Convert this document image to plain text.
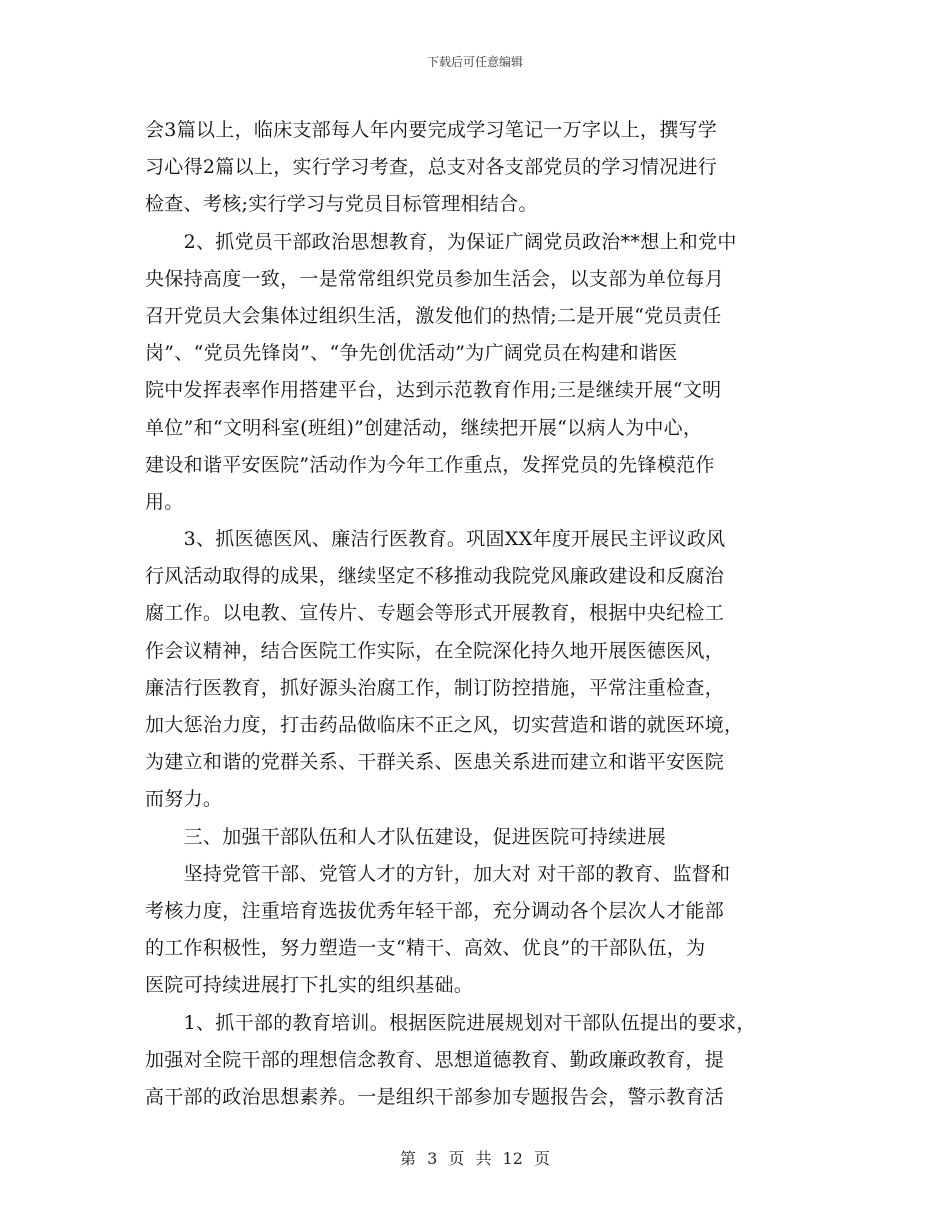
下载后可任意编辑
会3篇以上，临床支部每人年内要完成学习笔记一万字以上，撰写学
习心得2篇以上，实行学习考查，总支对各支部党员的学习情况进行
检查、考核;实行学习与党员目标管理相结合。
　　2、抓党员干部政治思想教育，为保证广阔党员政治**想上和党中
央保持高度一致，一是常常组织党员参加生活会，以支部为单位每月
召开党员大会集体过组织生活，激发他们的热情;二是开展“党员责任
岗”、“党员先锋岗”、“争先创优活动”为广阔党员在构建和谐医
院中发挥表率作用搭建平台，达到示范教育作用;三是继续开展“文明
单位”和“文明科室(班组)”创建活动，继续把开展“以病人为中心，
建设和谐平安医院”活动作为今年工作重点，发挥党员的先锋模范作
用。
　　3、抓医德医风、廉洁行医教育。巩固XX年度开展民主评议政风
行风活动取得的成果，继续坚定不移推动我院党风廉政建设和反腐治
腐工作。以电教、宣传片、专题会等形式开展教育，根据中央纪检工
作会议精神，结合医院工作实际，在全院深化持久地开展医德医风，
廉洁行医教育，抓好源头治腐工作，制订防控措施，平常注重检查，
加大惩治力度，打击药品做临床不正之风，切实营造和谐的就医环境，
为建立和谐的党群关系、干群关系、医患关系进而建立和谐平安医院
而努力。
　　三、加强干部队伍和人才队伍建设，促进医院可持续进展
　　坚持党管干部、党管人才的方针，加大对 对干部的教育、监督和
考核力度，注重培育选拔优秀年轻干部，充分调动各个层次人才能部
的工作积极性，努力塑造一支“精干、高效、优良”的干部队伍，为
医院可持续进展打下扎实的组织基础。
　　1、抓干部的教育培训。根据医院进展规划对干部队伍提出的要求，
加强对全院干部的理想信念教育、思想道德教育、勤政廉政教育，提
高干部的政治思想素养。一是组织干部参加专题报告会，警示教育活
第 3 页 共 12 页
